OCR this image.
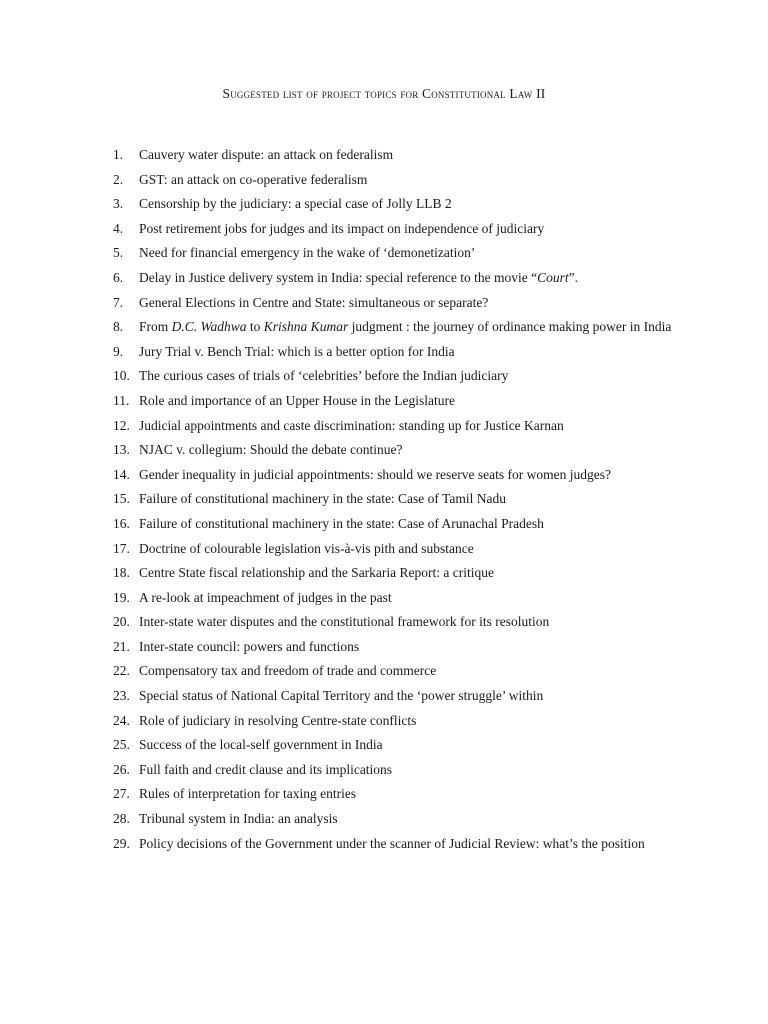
Suggested list of project topics for Constitutional Law II
1. Cauvery water dispute: an attack on federalism
2. GST: an attack on co-operative federalism
3. Censorship by the judiciary: a special case of Jolly LLB 2
4. Post retirement jobs for judges and its impact on independence of judiciary
5. Need for financial emergency in the wake of ‘demonetization’
6. Delay in Justice delivery system in India: special reference to the movie “Court”.
7. General Elections in Centre and State: simultaneous or separate?
8. From D.C. Wadhwa to Krishna Kumar judgment : the journey of ordinance making power in India
9. Jury Trial v. Bench Trial: which is a better option for India
10. The curious cases of trials of ‘celebrities’ before the Indian judiciary
11. Role and importance of an Upper House in the Legislature
12. Judicial appointments and caste discrimination: standing up for Justice Karnan
13. NJAC v. collegium: Should the debate continue?
14. Gender inequality in judicial appointments: should we reserve seats for women judges?
15. Failure of constitutional machinery in the state: Case of Tamil Nadu
16. Failure of constitutional machinery in the state: Case of Arunachal Pradesh
17. Doctrine of colourable legislation vis-à-vis pith and substance
18. Centre State fiscal relationship and the Sarkaria Report: a critique
19. A re-look at impeachment of judges in the past
20. Inter-state water disputes and the constitutional framework for its resolution
21. Inter-state council: powers and functions
22. Compensatory tax and freedom of trade and commerce
23. Special status of National Capital Territory and the ‘power struggle’ within
24. Role of judiciary in resolving Centre-state conflicts
25. Success of the local-self government in India
26. Full faith and credit clause and its implications
27. Rules of interpretation for taxing entries
28. Tribunal system in India: an analysis
29. Policy decisions of the Government under the scanner of Judicial Review: what’s the position
